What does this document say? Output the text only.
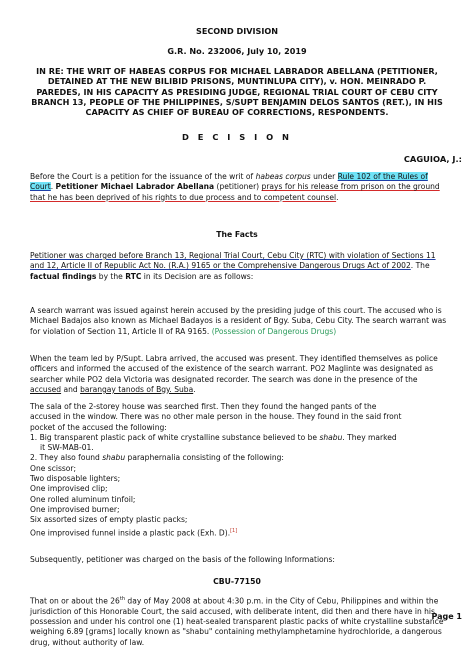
SECOND DIVISION
G.R. No. 232006, July 10, 2019
IN RE: THE WRIT OF HABEAS CORPUS FOR MICHAEL LABRADOR ABELLANA (PETITIONER, DETAINED AT THE NEW BILIBID PRISONS, MUNTINLUPA CITY), v. HON. MEINRADO P. PAREDES, IN HIS CAPACITY AS PRESIDING JUDGE, REGIONAL TRIAL COURT OF CEBU CITY BRANCH 13, PEOPLE OF THE PHILIPPINES, S/SUPT BENJAMIN DELOS SANTOS (RET.), IN HIS CAPACITY AS CHIEF OF BUREAU OF CORRECTIONS, RESPONDENTS.
D E C I S I O N
CAGUIOA, J.:
Before the Court is a petition for the issuance of the writ of habeas corpus under Rule 102 of the Rules of Court. Petitioner Michael Labrador Abellana (petitioner) prays for his release from prison on the ground that he has been deprived of his rights to due process and to competent counsel.
The Facts
Petitioner was charged before Branch 13, Regional Trial Court, Cebu City (RTC) with violation of Sections 11 and 12, Article II of Republic Act No. (R.A.) 9165 or the Comprehensive Dangerous Drugs Act of 2002. The factual findings by the RTC in its Decision are as follows:
A search warrant was issued against herein accused by the presiding judge of this court. The accused who is Michael Badajos also known as Michael Badayos is a resident of Bgy. Suba, Cebu City. The search warrant was for violation of Section 11, Article II of RA 9165. (Possession of Dangerous Drugs)
When the team led by P/Supt. Labra arrived, the accused was present. They identified themselves as police officers and informed the accused of the existence of the search warrant. PO2 Maglinte was designated as searcher while PO2 dela Victoria was designated recorder. The search was done in the presence of the accused and barangay tanods of Bgy. Suba.
The sala of the 2-storey house was searched first. Then they found the hanged pants of the
accused in the window. There was no other male person in the house. They found in the said front
pocket of the accused the following:
1. Big transparent plastic pack of white crystalline substance believed to be shabu. They marked
it SW-MAB-01.
2. They also found shabu paraphernalia consisting of the following:
One scissor;
Two disposable lighters;
One improvised clip;
One rolled aluminum tinfoil;
One improvised burner;
Six assorted sizes of empty plastic packs;
One improvised funnel inside a plastic pack (Exh. D).[1]
Subsequently, petitioner was charged on the basis of the following Informations:
CBU-77150
That on or about the 26th day of May 2008 at about 4:30 p.m. in the City of Cebu, Philippines and within the jurisdiction of this Honorable Court, the said accused, with deliberate intent, did then and there have in his possession and under his control one (1) heat-sealed transparent plastic packs of white crystalline substance weighing 6.89 [grams] locally known as "shabu" containing methylamphetamine hydrochloride, a dangerous drug, without authority of law.
Page 1
